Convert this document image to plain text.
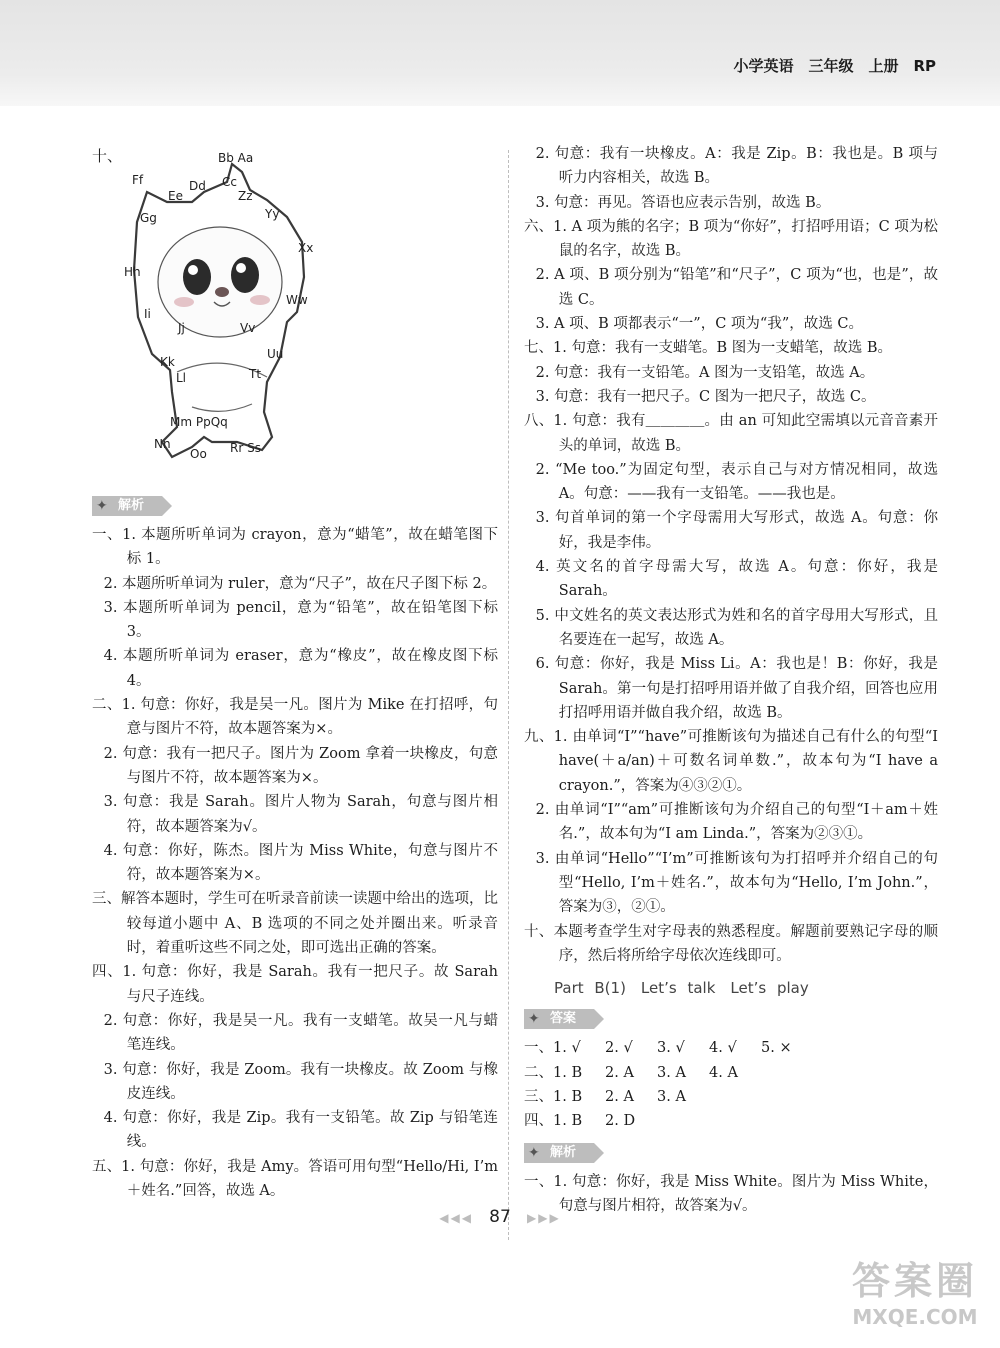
小学英语　三年级　上册　RP
十、	Bb Aa
Cc
Dd
Ee
Ff
Zz
Yy
Gg
Xx
Hh
Ww
Ii
Jj	Vv
Uu
Kk
Tt
Ll
Mm PpQq
Nn
Oo Rr Ss
✦ 解析

一、1. 本题所听单词为 crayon，意为“蜡笔”，故在蜡笔图下标 1。

2. 本题所听单词为 ruler，意为“尺子”，故在尺子图下标 2。

3. 本题所听单词为 pencil，意为“铅笔”，故在铅笔图下标 3。

4. 本题所听单词为 eraser，意为“橡皮”，故在橡皮图下标 4。

二、1. 句意：你好，我是吴一凡。图片为 Mike 在打招呼，句意与图片不符，故本题答案为×。

2. 句意：我有一把尺子。图片为 Zoom 拿着一块橡皮，句意与图片不符，故本题答案为×。

3. 句意：我是 Sarah。图片人物为 Sarah，句意与图片相符，故本题答案为√。

4. 句意：你好，陈杰。图片为 Miss White，句意与图片不符，故本题答案为×。

三、解答本题时，学生可在听录音前读一读题中给出的选项，比较每道小题中 A、B 选项的不同之处并圈出来。听录音时，着重听这些不同之处，即可选出正确的答案。

四、1. 句意：你好，我是 Sarah。我有一把尺子。故 Sarah 与尺子连线。

2. 句意：你好，我是吴一凡。我有一支蜡笔。故吴一凡与蜡笔连线。

3. 句意：你好，我是 Zoom。我有一块橡皮。故 Zoom 与橡皮连线。

4. 句意：你好，我是 Zip。我有一支铅笔。故 Zip 与铅笔连线。

五、1. 句意：你好，我是 Amy。答语可用句型“Hello/Hi, I’m ＋姓名.”回答，故选 A。

2. 句意：我有一块橡皮。A：我是 Zip。B：我也是。B 项与听力内容相关，故选 B。

3. 句意：再见。答语也应表示告别，故选 B。

六、1. A 项为熊的名字；B 项为“你好”，打招呼用语；C 项为松鼠的名字，故选 B。

2. A 项、B 项分别为“铅笔”和“尺子”，C 项为“也，也是”，故选 C。

3. A 项、B 项都表示“一”，C 项为“我”，故选 C。

七、1. 句意：我有一支蜡笔。B 图为一支蜡笔，故选 B。

2. 句意：我有一支铅笔。A 图为一支铅笔，故选 A。

3. 句意：我有一把尺子。C 图为一把尺子，故选 C。

八、1. 句意：我有＿＿＿＿。由 an 可知此空需填以元音音素开头的单词，故选 B。

2. “Me too.”为固定句型，表示自己与对方情况相同，故选 A。句意：——我有一支铅笔。——我也是。

3. 句首单词的第一个字母需用大写形式，故选 A。句意：你好，我是李伟。

4. 英文名的首字母需大写，故选 A。句意：你好，我是 Sarah。

5. 中文姓名的英文表达形式为姓和名的首字母用大写形式，且名要连在一起写，故选 A。

6. 句意：你好，我是 Miss Li。A：我也是！B：你好，我是 Sarah。第一句是打招呼用语并做了自我介绍，回答也应用打招呼用语并做自我介绍，故选 B。

九、1. 由单词“I”“have”可推断该句为描述自己有什么的句型“I have(＋a/an)＋可数名词单数.”，故本句为“I have a crayon.”，答案为④③②①。

2. 由单词“I”“am”可推断该句为介绍自己的句型“I＋am＋姓名.”，故本句为“I am Linda.”，答案为②③①。

3. 由单词“Hello”“I’m”可推断该句为打招呼并介绍自己的句型“Hello, I’m＋姓名.”，故本句为“Hello, I’m John.”，答案为③，②①。

十、本题考查学生对字母表的熟悉程度。解题前要熟记字母的顺序，然后将所给字母依次连线即可。

Part B(1)　Let’s talk　Let’s play
✦ 答案
一、1. √ 2. √ 3. √ 4. √ 5. ×
二、1. B 2. A 3. A 4. A
三、1. B 2. A 3. A
四、1. B 2. D
✦ 解析

一、1. 句意：你好，我是 Miss White。图片为 Miss White，句意与图片相符，故答案为√。

◀◀◀ 87 ▶▶▶
答案圈
MXQE.COM
